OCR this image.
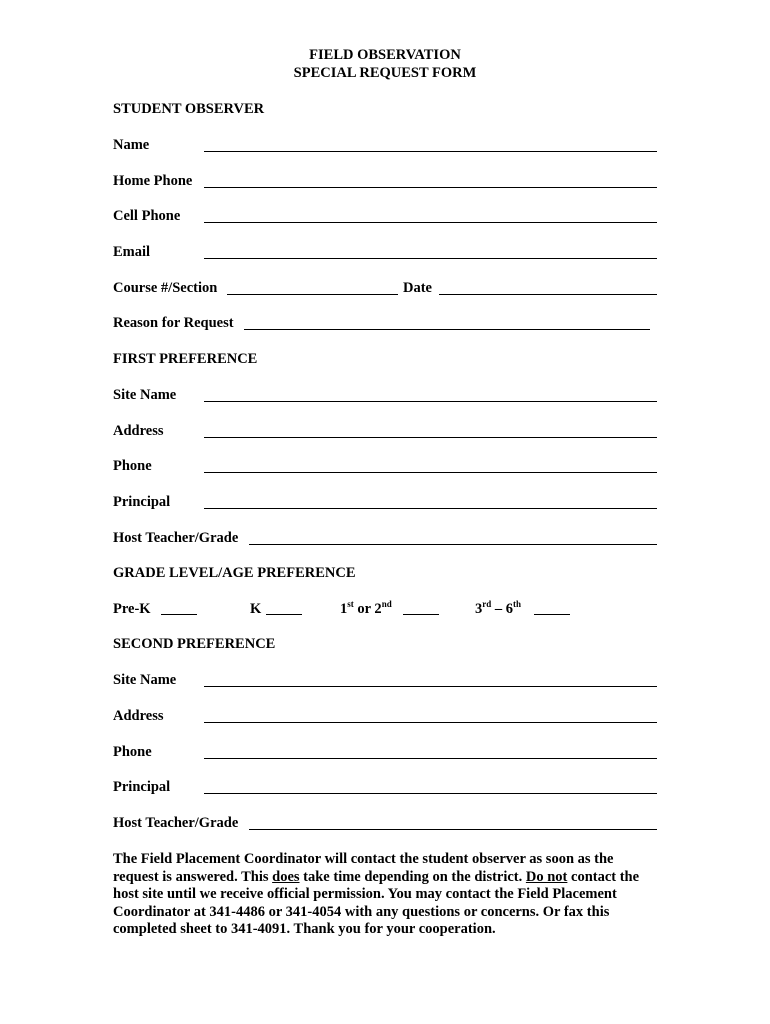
FIELD OBSERVATION
SPECIAL REQUEST FORM
STUDENT OBSERVER
Name
Home Phone
Cell Phone
Email
Course #/Section	Date
Reason for Request
FIRST PREFERENCE
Site Name
Address
Phone
Principal
Host Teacher/Grade
GRADE LEVEL/AGE PREFERENCE
Pre-K	K	1st or 2nd	3rd – 6th
SECOND PREFERENCE
Site Name
Address
Phone
Principal
Host Teacher/Grade
The Field Placement Coordinator will contact the student observer as soon as the request is answered. This does take time depending on the district. Do not contact the host site until we receive official permission. You may contact the Field Placement Coordinator at 341-4486 or 341-4054 with any questions or concerns. Or fax this completed sheet to 341-4091. Thank you for your cooperation.
